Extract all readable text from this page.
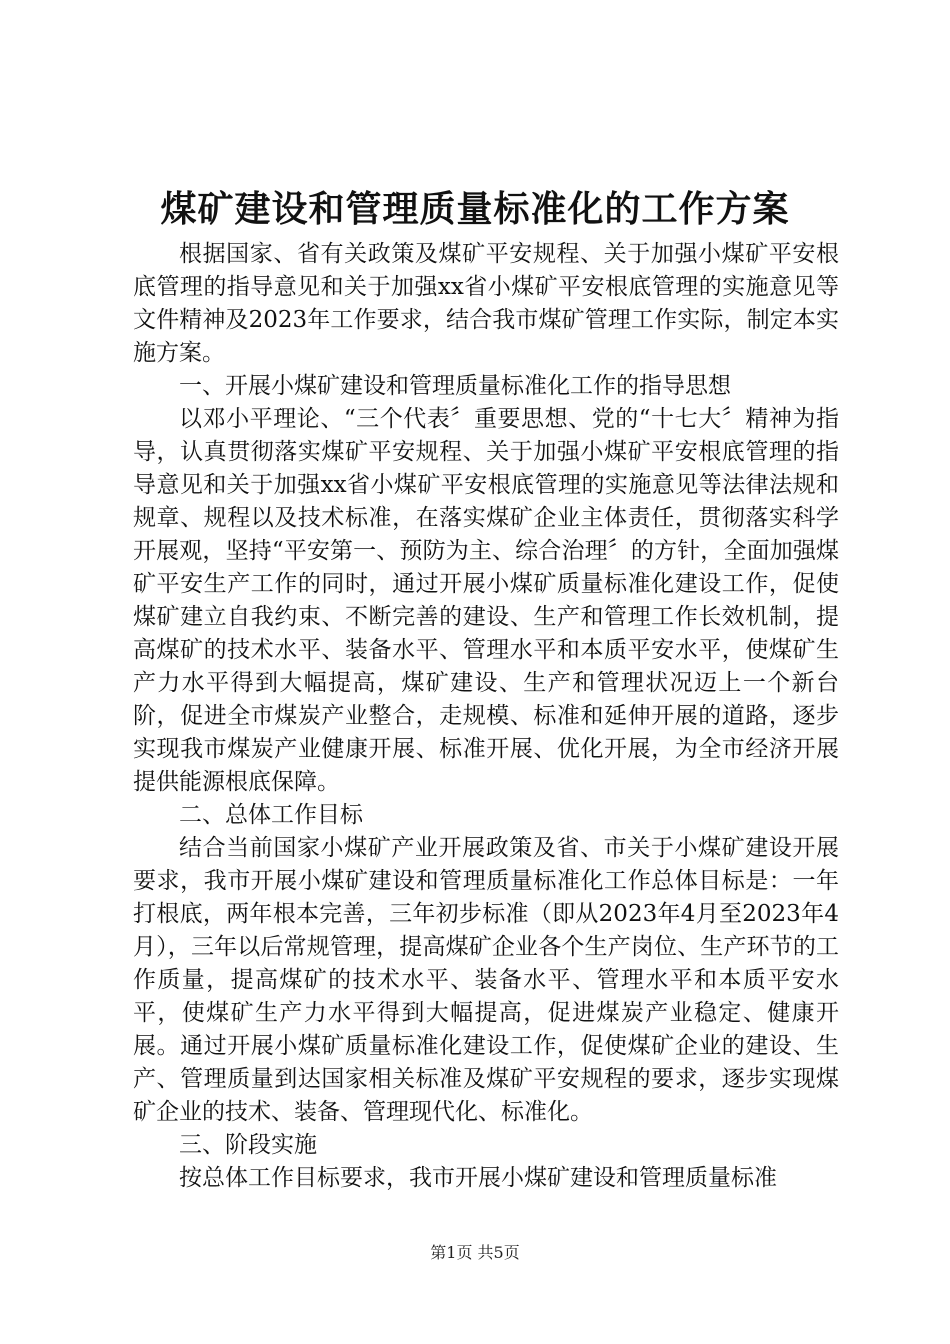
煤矿建设和管理质量标准化的工作方案

根据国家、省有关政策及煤矿平安规程、关于加强小煤矿平安根底管理的指导意见和关于加强xx省小煤矿平安根底管理的实施意见等文件精神及2023年工作要求，结合我市煤矿管理工作实际，制定本实施方案。

一、开展小煤矿建设和管理质量标准化工作的指导思想

以邓小平理论、“三个代表〞重要思想、党的“十七大〞精神为指导，认真贯彻落实煤矿平安规程、关于加强小煤矿平安根底管理的指导意见和关于加强xx省小煤矿平安根底管理的实施意见等法律法规和规章、规程以及技术标准，在落实煤矿企业主体责任，贯彻落实科学开展观，坚持“平安第一、预防为主、综合治理〞的方针，全面加强煤矿平安生产工作的同时，通过开展小煤矿质量标准化建设工作，促使煤矿建立自我约束、不断完善的建设、生产和管理工作长效机制，提高煤矿的技术水平、装备水平、管理水平和本质平安水平，使煤矿生产力水平得到大幅提高，煤矿建设、生产和管理状况迈上一个新台阶，促进全市煤炭产业整合，走规模、标准和延伸开展的道路，逐步实现我市煤炭产业健康开展、标准开展、优化开展，为全市经济开展提供能源根底保障。

二、总体工作目标

结合当前国家小煤矿产业开展政策及省、市关于小煤矿建设开展要求，我市开展小煤矿建设和管理质量标准化工作总体目标是：一年打根底，两年根本完善，三年初步标准（即从2023年4月至2023年4月），三年以后常规管理，提高煤矿企业各个生产岗位、生产环节的工作质量，提高煤矿的技术水平、装备水平、管理水平和本质平安水平，使煤矿生产力水平得到大幅提高，促进煤炭产业稳定、健康开展。通过开展小煤矿质量标准化建设工作，促使煤矿企业的建设、生产、管理质量到达国家相关标准及煤矿平安规程的要求，逐步实现煤矿企业的技术、装备、管理现代化、标准化。

三、阶段实施

按总体工作目标要求，我市开展小煤矿建设和管理质量标准

第1页 共5页
